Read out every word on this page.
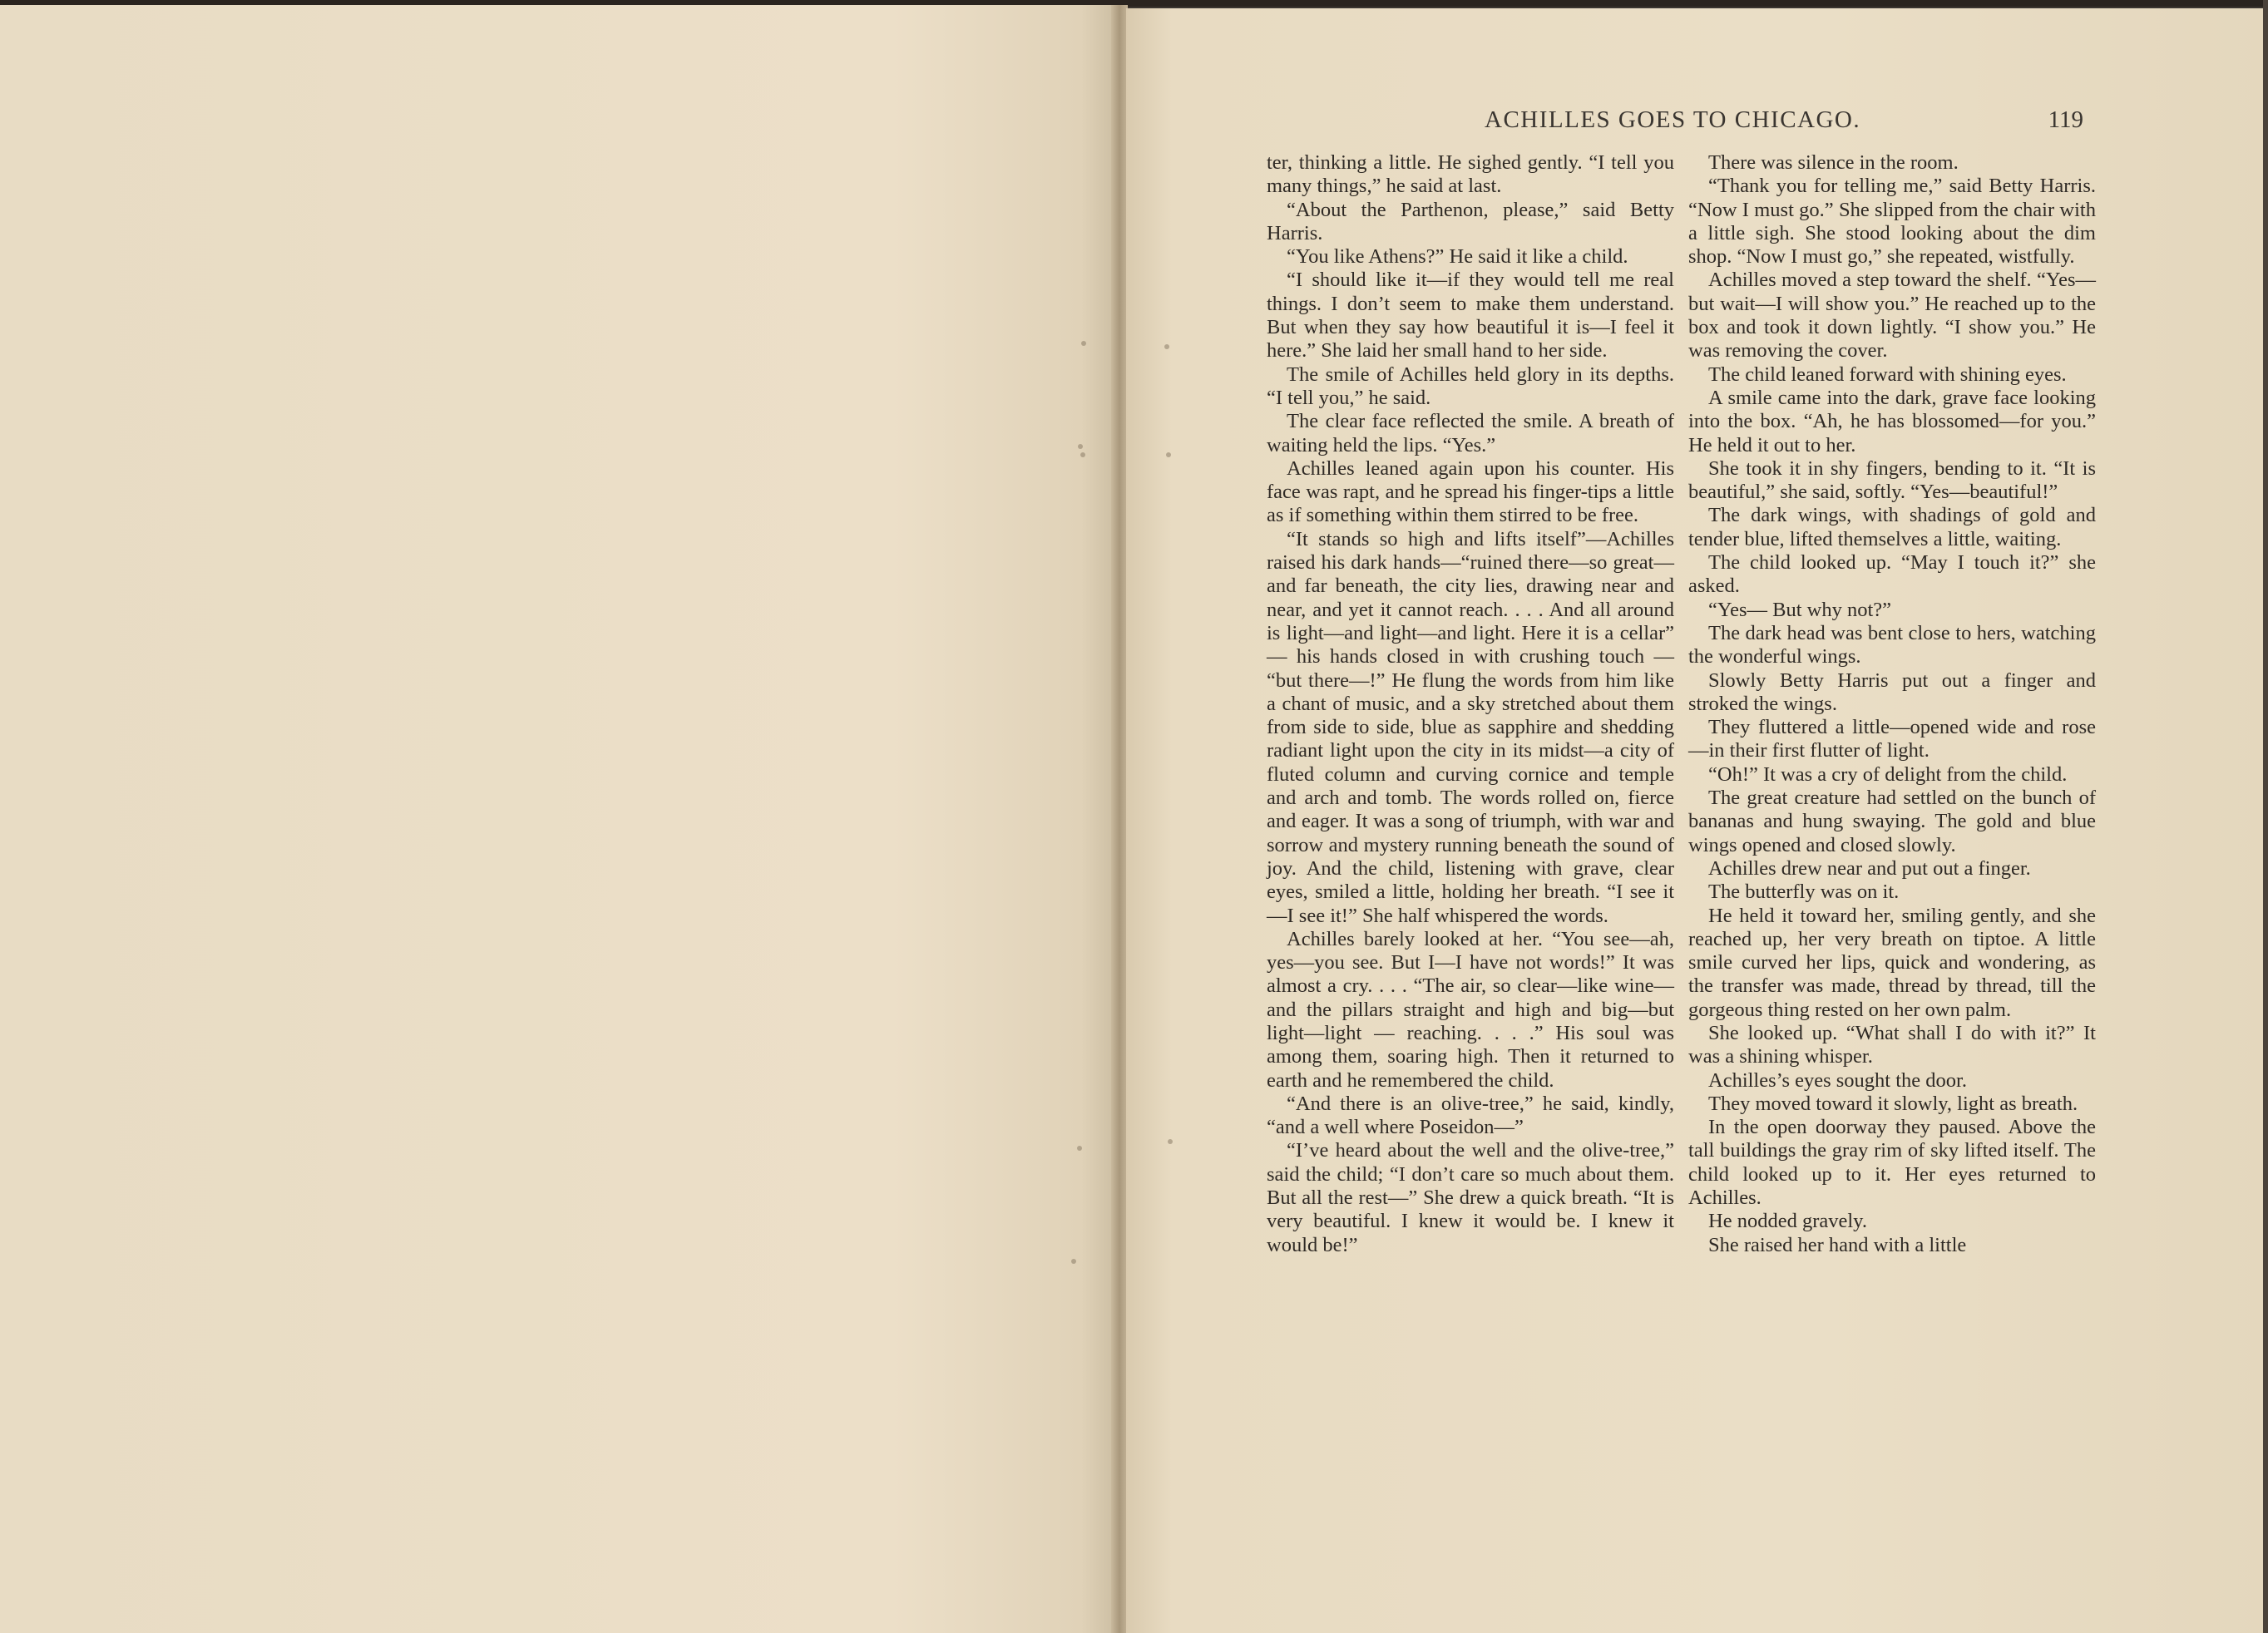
ACHILLES GOES TO CHICAGO.	119

ter, thinking a little. He sighed gently. “I tell you many things,” he said at last.

“About the Parthenon, please,” said Betty Harris.

“You like Athens?” He said it like a child.

“I should like it—if they would tell me real things. I don’t seem to make them understand. But when they say how beautiful it is—I feel it here.” She laid her small hand to her side.

The smile of Achilles held glory in its depths. “I tell you,” he said.

The clear face reflected the smile. A breath of waiting held the lips. “Yes.”

Achilles leaned again upon his counter. His face was rapt, and he spread his finger-tips a little as if something within them stirred to be free.

“It stands so high and lifts itself”—Achilles raised his dark hands—“ruined there—so great—and far beneath, the city lies, drawing near and near, and yet it cannot reach. . . . And all around is light—and light—and light. Here it is a cellar” — his hands closed in with crushing touch — “but there—!” He flung the words from him like a chant of music, and a sky stretched about them from side to side, blue as sapphire and shedding radiant light upon the city in its midst—a city of fluted column and curving cornice and temple and arch and tomb. The words rolled on, fierce and eager. It was a song of triumph, with war and sorrow and mystery running beneath the sound of joy. And the child, listening with grave, clear eyes, smiled a little, holding her breath. “I see it—I see it!” She half whispered the words.

Achilles barely looked at her. “You see—ah, yes—you see. But I—I have not words!” It was almost a cry. . . . “The air, so clear—like wine—and the pillars straight and high and big—but light—light — reaching. . . .” His soul was among them, soaring high. Then it returned to earth and he remembered the child.

“And there is an olive-tree,” he said, kindly, “and a well where Poseidon—”

“I’ve heard about the well and the olive-tree,” said the child; “I don’t care so much about them. But all the rest—” She drew a quick breath. “It is very beautiful. I knew it would be. I knew it would be!”

There was silence in the room.

“Thank you for telling me,” said Betty Harris. “Now I must go.” She slipped from the chair with a little sigh. She stood looking about the dim shop. “Now I must go,” she repeated, wistfully.

Achilles moved a step toward the shelf. “Yes—but wait—I will show you.” He reached up to the box and took it down lightly. “I show you.” He was removing the cover.

The child leaned forward with shining eyes.

A smile came into the dark, grave face looking into the box. “Ah, he has blossomed—for you.” He held it out to her.

She took it in shy fingers, bending to it. “It is beautiful,” she said, softly. “Yes—beautiful!”

The dark wings, with shadings of gold and tender blue, lifted themselves a little, waiting.

The child looked up. “May I touch it?” she asked.

“Yes— But why not?”

The dark head was bent close to hers, watching the wonderful wings.

Slowly Betty Harris put out a finger and stroked the wings.

They fluttered a little—opened wide and rose—in their first flutter of light.

“Oh!” It was a cry of delight from the child.

The great creature had settled on the bunch of bananas and hung swaying. The gold and blue wings opened and closed slowly.

Achilles drew near and put out a finger.

The butterfly was on it.

He held it toward her, smiling gently, and she reached up, her very breath on tiptoe. A little smile curved her lips, quick and wondering, as the transfer was made, thread by thread, till the gorgeous thing rested on her own palm.

She looked up. “What shall I do with it?” It was a shining whisper.

Achilles’s eyes sought the door.

They moved toward it slowly, light as breath.

In the open doorway they paused. Above the tall buildings the gray rim of sky lifted itself. The child looked up to it. Her eyes returned to Achilles.

He nodded gravely.

She raised her hand with a little
